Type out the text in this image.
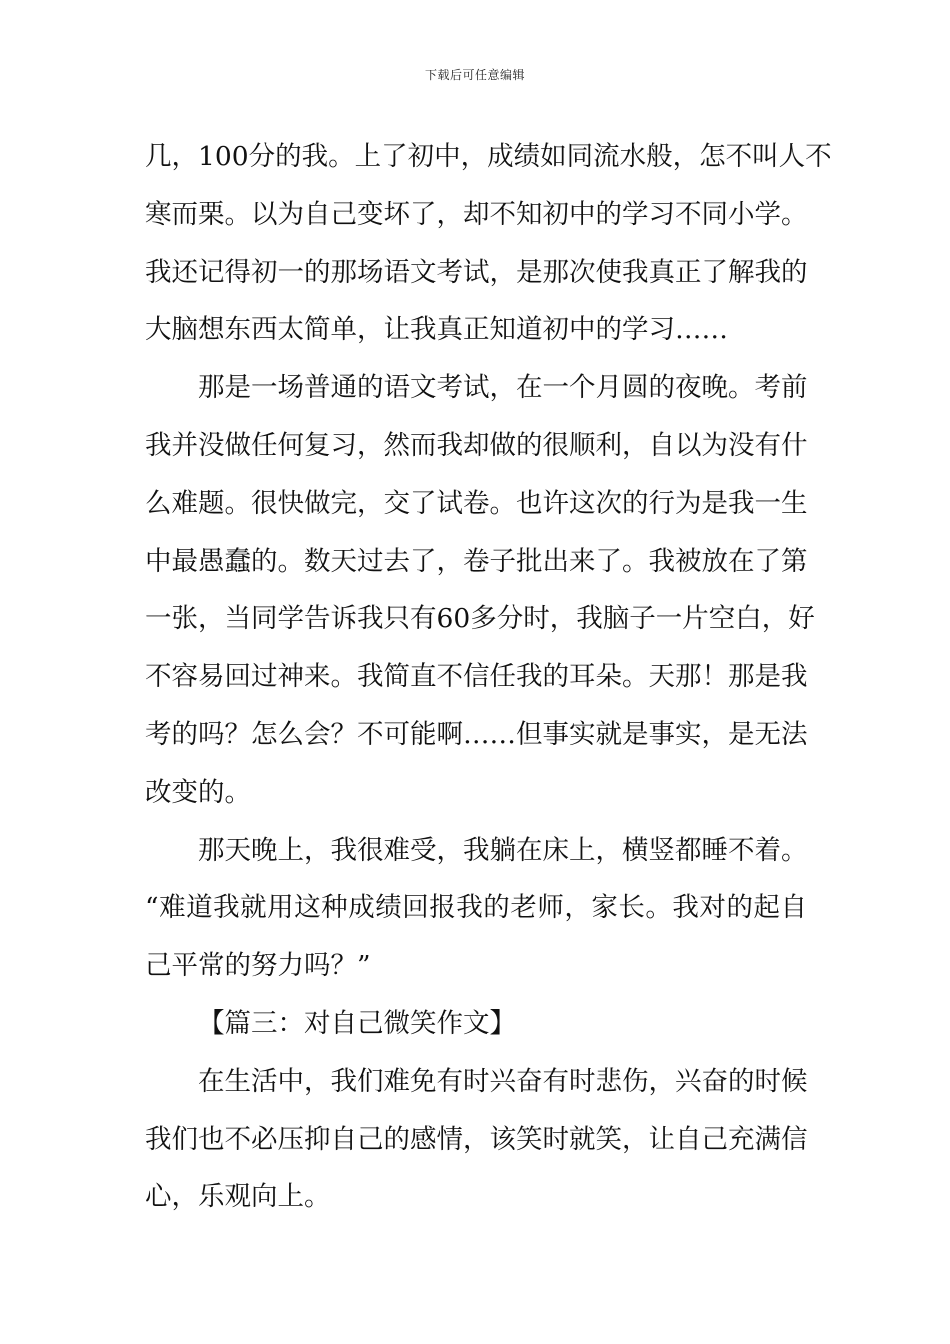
下载后可任意编辑
几，100分的我。上了初中，成绩如同流水般，怎不叫人不
寒而栗。以为自己变坏了，却不知初中的学习不同小学。
我还记得初一的那场语文考试，是那次使我真正了解我的
大脑想东西太简单，让我真正知道初中的学习……
那是一场普通的语文考试，在一个月圆的夜晚。考前
我并没做任何复习，然而我却做的很顺利，自以为没有什
么难题。很快做完，交了试卷。也许这次的行为是我一生
中最愚蠢的。数天过去了，卷子批出来了。我被放在了第
一张，当同学告诉我只有60多分时，我脑子一片空白，好
不容易回过神来。我简直不信任我的耳朵。天那！那是我
考的吗？怎么会？不可能啊……但事实就是事实，是无法
改变的。
那天晚上，我很难受，我躺在床上，横竖都睡不着。
“难道我就用这种成绩回报我的老师，家长。我对的起自
己平常的努力吗？”
【篇三：对自己微笑作文】
在生活中，我们难免有时兴奋有时悲伤，兴奋的时候
我们也不必压抑自己的感情，该笑时就笑，让自己充满信
心，乐观向上。
